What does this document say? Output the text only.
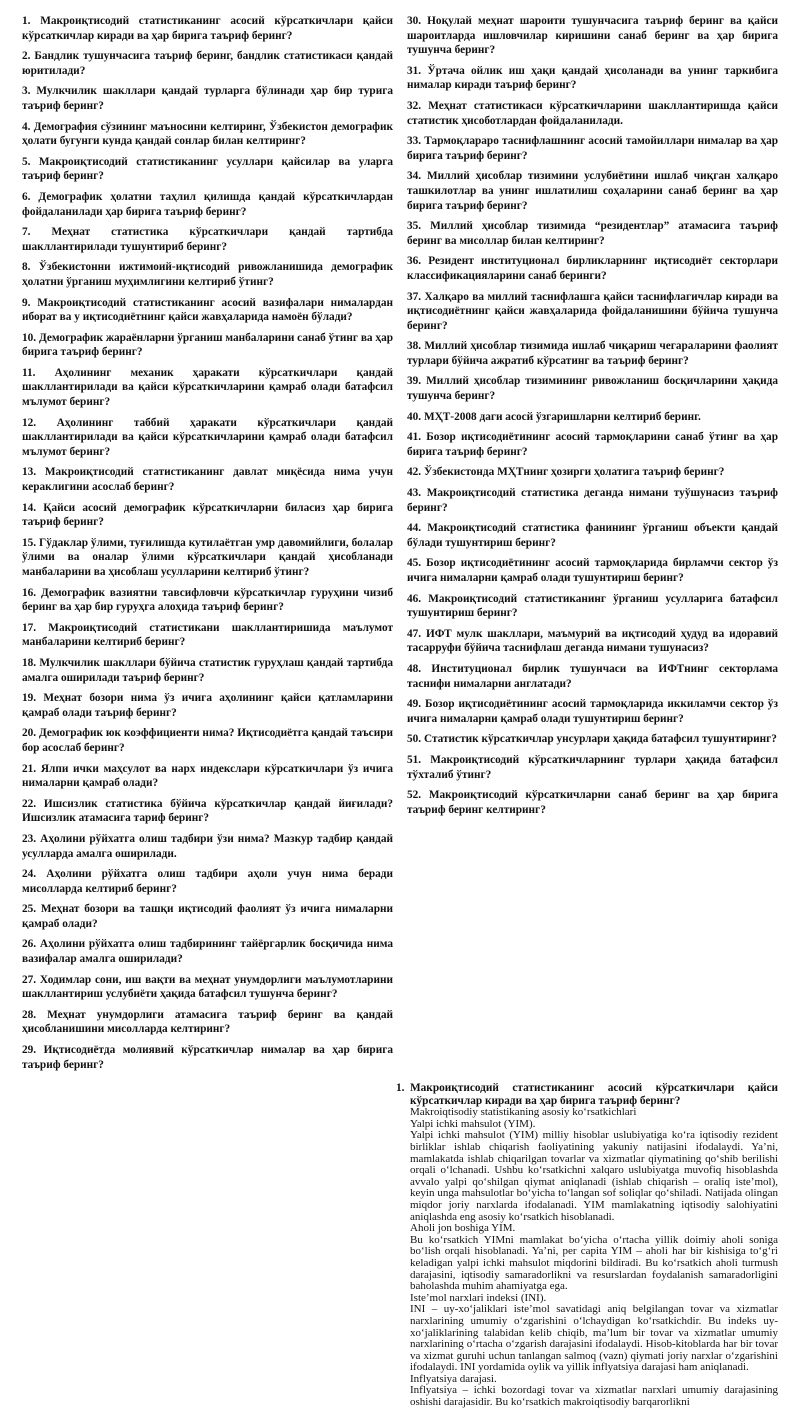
1. Макроиқтисодий статистиканинг асосий кўрсаткичлари қайси кўрсаткичлар киради ва ҳар бирига таъриф беринг?

2. Бандлик тушунчасига таъриф беринг, бандлик статистикаси қандай юритилади?

3. Мулкчилик шакллари қандай турларга бўлинади ҳар бир турига таъриф беринг?

4. Демография сўзининг маъносини келтиринг, Ўзбекистон демографик ҳолати бугунги кунда қандай сонлар билан келтиринг?

5. Макроиқтисодий статистиканинг усуллари қайсилар ва уларга таъриф беринг?

6. Демографик ҳолатни таҳлил қилишда қандай кўрсаткичлардан фойдаланилади ҳар бирига таъриф беринг?

7. Меҳнат статистика кўрсаткичлари қандай тартибда шакллантирилади тушунтириб беринг?

8. Ўзбекистонни ижтимоий-иқтисодий ривожланишида демографик ҳолатни ўрганиш муҳимлигини келтириб ўтинг?

9. Макроиқтисодий статистиканинг асосий вазифалари нималардан иборат ва у иқтисодиётнинг қайси жавҳаларида намоён бўлади?

10. Демографик жараёнларни ўрганиш манбаларини санаб ўтинг ва ҳар бирига таъриф беринг?

11. Аҳолининг механик ҳаракати кўрсаткичлари қандай шакллантирилади ва қайси кўрсаткичларини қамраб олади батафсил мълумот беринг?

12. Аҳолининг таббий ҳаракати кўрсаткичлари қандай шакллантирилади ва қайси кўрсаткичларини қамраб олади батафсил мълумот беринг?

13. Макроиқтисодий статистиканинг давлат миқёсида нима учун кераклигини асослаб беринг?

14. Қайси асосий демографик кўрсаткичларни биласиз ҳар бирига таъриф беринг?

15. Гўдаклар ўлими, туғилишда кутилаётган умр давомийлиги, болалар ўлими ва оналар ўлими кўрсаткичлари қандай ҳисобланади манбаларини ва ҳисоблаш усулларини келтириб ўтинг?

16. Демографик вазиятни тавсифловчи кўрсаткичлар гуруҳини чизиб беринг ва ҳар бир гуруҳга алоҳида таъриф беринг?

17. Макроиқтисодий статистикани шакллантиришида маълумот манбаларини келтириб беринг?

18. Мулкчилик шакллари бўйича статистик гуруҳлаш қандай тартибда амалга оширилади таъриф беринг?

19. Меҳнат бозори нима ўз ичига аҳолининг қайси қатламларини қамраб олади таъриф беринг?

20. Демографик юк коэффициенти нима? Иқтисодиётга қандай таъсири бор асослаб беринг?

21. Ялпи ички маҳсулот ва нарх индекслари кўрсаткичлари ўз ичига нималарни қамраб олади?

22. Ишсизлик статистика бўйича кўрсаткичлар қандай йиғилади? Ишсизлик атамасига тариф беринг?

23. Аҳолини рўйхатга олиш тадбири ўзи нима? Мазкур тадбир қандай усулларда амалга оширилади.

24. Аҳолини рўйхатга олиш тадбири аҳоли учун нима беради мисолларда келтириб беринг?

25. Меҳнат бозори ва ташқи иқтисодий фаолият ўз ичига нималарни қамраб олади?

26. Аҳолини рўйхатга олиш тадбирининг тайёргарлик босқичида нима вазифалар амалга оширилади?

27. Ходимлар сони, иш вақти ва меҳнат унумдорлиги маълумотларини шакллантириш услубиёти ҳақида батафсил тушунча беринг?

28. Меҳнат унумдорлиги атамасига таъриф беринг ва қандай ҳисобланишини мисолларда келтиринг?

29. Иқтисодиётда молиявий кўрсаткичлар нималар ва ҳар бирига таъриф беринг?

30. Ноқулай меҳнат шароити тушунчасига таъриф беринг ва қайси шароитларда ишловчилар киришини санаб беринг ва ҳар бирига тушунча беринг?

31. Ўртача ойлик иш ҳақи қандай ҳисоланади ва унинг таркибига нималар киради таъриф беринг?

32. Меҳнат статистикаси кўрсаткичларини шакллантиришда қайси статистик ҳисоботлардан фойдаланилади.

33. Тармоқлараро таснифлашнинг асосий тамойиллари нималар ва ҳар бирига таъриф беринг?

34. Миллий ҳисоблар тизимини услубиётини ишлаб чиқган халқаро ташкилотлар ва унинг ишлатилиш соҳаларини санаб беринг ва ҳар бирига таъриф беринг?

35. Миллий ҳисоблар тизимида “резидентлар” атамасига таъриф беринг ва мисоллар билан келтиринг?

36. Резидент институционал бирликларнинг иқтисодиёт секторлари классификацияларини санаб беринги?

37. Халқаро ва миллий таснифлашга қайси таснифлагичлар киради ва иқтисодиётнинг қайси жавҳаларида фойдаланишини бўйича тушунча беринг?

38. Миллий ҳисоблар тизимида ишлаб чиқариш чегараларини фаолият турлари бўйича ажратиб кўрсатинг ва таъриф беринг?

39. Миллий ҳисоблар тизимининг ривожланиш босқичларини ҳақида тушунча беринг?

40. МҲТ-2008 даги асосй ўзгаришларни келтириб беринг.

41. Бозор иқтисодиётининг асосий тармоқларини санаб ўтинг ва ҳар бирига таъриф беринг?

42. Ўзбекистонда МҲТнинг ҳозирги ҳолатига таъриф беринг?

43. Макроиқтисодий статистика деганда нимани туўшунасиз таъриф беринг?

44. Макроиқтисодий статистика фанининг ўрганиш объекти қандай бўлади тушунтириш беринг?

45. Бозор иқтисодиётининг асосий тармоқларида бирламчи сектор ўз ичига нималарни қамраб олади тушунтириш беринг?

46. Макроиқтисодий статистиканинг ўрганиш усулларига батафсил тушунтириш беринг?

47. ИФТ мулк шакллари, маъмурий ва иқтисодий ҳудуд ва идоравий тасарруфи бўйича таснифлаш деганда нимани тушунасиз?

48. Институционал бирлик тушунчаси ва ИФТнинг секторлама таснифи нималарни англатади?

49. Бозор иқтисодиётининг асосий тармоқларида иккиламчи сектор ўз ичига нималарни қамраб олади тушунтириш беринг?

50. Статистик кўрсаткичлар унсурлари ҳақида батафсил тушунтиринг?

51. Макроиқтисодий кўрсаткичларнинг турлари ҳақида батафсил тўхталиб ўтинг?

52. Макроиқтисодий кўрсаткичларни санаб беринг ва ҳар бирига таъриф беринг келтиринг?

1. Макроиқтисодий статистиканинг асосий кўрсаткичлари қайси кўрсаткичлар киради ва ҳар бирига таъриф беринг?

Makroiqtisodiy statistikaning asosiy ko‘rsatkichlari

Yalpi ichki mahsulot (YIM).

Yalpi ichki mahsulot (YIM) milliy hisoblar uslubiyatiga ko‘ra iqtisodiy rezident birliklar ishlab chiqarish faoliyatining yakuniy natijasini ifodalaydi. Ya’ni, mamlakatda ishlab chiqarilgan tovarlar va xizmatlar qiymatining qo‘shib berilishi orqali o‘lchanadi. Ushbu ko‘rsatkichni xalqaro uslubiyatga muvofiq hisoblashda avvalo yalpi qo‘shilgan qiymat aniqlanadi (ishlab chiqarish – oraliq iste’mol), keyin unga mahsulotlar bo‘yicha to‘langan sof soliqlar qo‘shiladi. Natijada olingan miqdor joriy narxlarda ifodalanadi. YIM mamlakatning iqtisodiy salohiyatini aniqlashda eng asosiy ko‘rsatkich hisoblanadi.

Aholi jon boshiga YIM.

Bu ko‘rsatkich YIMni mamlakat bo‘yicha o‘rtacha yillik doimiy aholi soniga bo‘lish orqali hisoblanadi. Ya’ni, per capita YIM – aholi har bir kishisiga to‘g‘ri keladigan yalpi ichki mahsulot miqdorini bildiradi. Bu ko‘rsatkich aholi turmush darajasini, iqtisodiy samaradorlikni va resurslardan foydalanish samaradorligini baholashda muhim ahamiyatga ega.

Iste’mol narxlari indeksi (INI).

INI – uy-xo‘jaliklari iste’mol savatidagi aniq belgilangan tovar va xizmatlar narxlarining umumiy o‘zgarishini o‘lchaydigan ko‘rsatkichdir. Bu indeks uy-xo‘jaliklarining talabidan kelib chiqib, ma’lum bir tovar va xizmatlar umumiy narxlarining o‘rtacha o‘zgarish darajasini ifodalaydi. Hisob-kitoblarda har bir tovar va xizmat guruhi uchun tanlangan salmoq (vazn) qiymati joriy narxlar o‘zgarishini ifodalaydi. INI yordamida oylik va yillik inflyatsiya darajasi ham aniqlanadi.

Inflyatsiya darajasi.

Inflyatsiya – ichki bozordagi tovar va xizmatlar narxlari umumiy darajasining oshishi darajasidir. Bu ko‘rsatkich makroiqtisodiy barqarorlikni
